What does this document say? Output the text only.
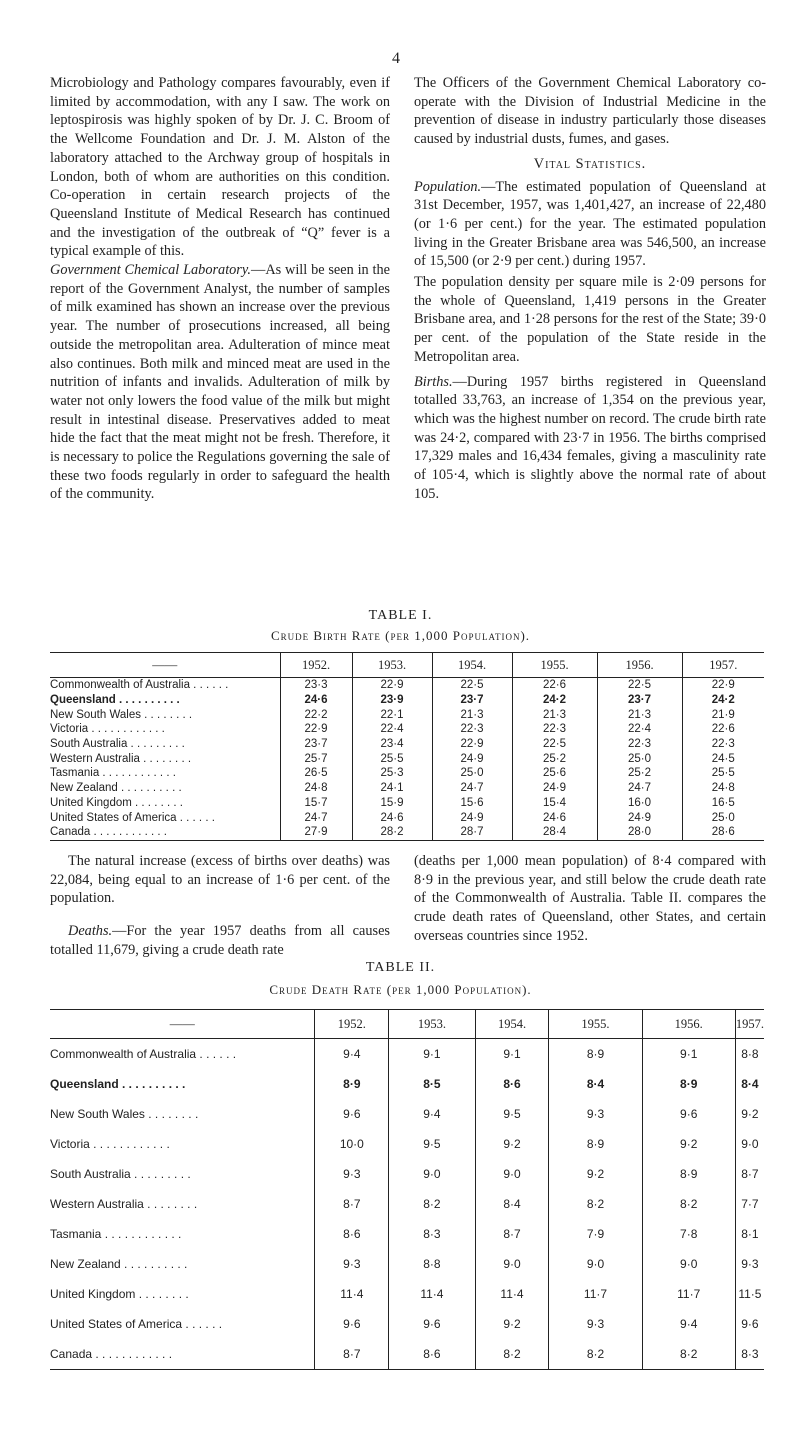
4

Microbiology and Pathology compares favourably, even if limited by accommodation, with any I saw. The work on leptospirosis was highly spoken of by Dr. J. C. Broom of the Wellcome Foundation and Dr. J. M. Alston of the laboratory attached to the Archway group of hospitals in London, both of whom are authorities on this condition. Co-operation in certain research projects of the Queensland Institute of Medical Research has continued and the investigation of the outbreak of “Q” fever is a typical example of this.

Government Chemical Laboratory.—As will be seen in the report of the Government Analyst, the number of samples of milk examined has shown an increase over the previous year. The number of prosecutions increased, all being outside the metropolitan area. Adulteration of mince meat also continues. Both milk and minced meat are used in the nutrition of infants and invalids. Adulteration of milk by water not only lowers the food value of the milk but might result in intestinal disease. Preservatives added to meat hide the fact that the meat might not be fresh. Therefore, it is necessary to police the Regulations governing the sale of these two foods regularly in order to safeguard the health of the community.

The Officers of the Government Chemical Laboratory co-operate with the Division of Industrial Medicine in the prevention of disease in industry particularly those diseases caused by industrial dusts, fumes, and gases.

Vital Statistics.

Population.—The estimated population of Queensland at 31st December, 1957, was 1,401,427, an increase of 22,480 (or 1·6 per cent.) for the year. The estimated population living in the Greater Brisbane area was 546,500, an increase of 15,500 (or 2·9 per cent.) during 1957.

The population density per square mile is 2·09 persons for the whole of Queensland, 1,419 persons in the Greater Brisbane area, and 1·28 persons for the rest of the State; 39·0 per cent. of the population of the State reside in the Metropolitan area.

Births.—During 1957 births registered in Queensland totalled 33,763, an increase of 1,354 on the previous year, which was the highest number on record. The crude birth rate was 24·2, compared with 23·7 in 1956. The births comprised 17,329 males and 16,434 females, giving a masculinity rate of 105·4, which is slightly above the normal rate of about 105.

TABLE I.
Crude Birth Rate (per 1,000 Population).
——	1952.	1953.	1954.	1955.	1956.	1957.
Commonwealth of Australia . . . . . .	23·3	22·9	22·5	22·6	22·5	22·9
Queensland . . . . . . . . . .	24·6	23·9	23·7	24·2	23·7	24·2
New South Wales . . . . . . . .	22·2	22·1	21·3	21·3	21·3	21·9
Victoria . . . . . . . . . . . .	22·9	22·4	22·3	22·3	22·4	22·6
South Australia . . . . . . . . .	23·7	23·4	22·9	22·5	22·3	22·3
Western Australia . . . . . . . .	25·7	25·5	24·9	25·2	25·0	24·5
Tasmania . . . . . . . . . . . .	26·5	25·3	25·0	25·6	25·2	25·5
New Zealand . . . . . . . . . .	24·8	24·1	24·7	24·9	24·7	24·8
United Kingdom . . . . . . . .	15·7	15·9	15·6	15·4	16·0	16·5
United States of America . . . . . .	24·7	24·6	24·9	24·6	24·9	25·0
Canada . . . . . . . . . . . .	27·9	28·2	28·7	28·4	28·0	28·6

The natural increase (excess of births over deaths) was 22,084, being equal to an increase of 1·6 per cent. of the population.

Deaths.—For the year 1957 deaths from all causes totalled 11,679, giving a crude death rate

(deaths per 1,000 mean population) of 8·4 compared with 8·9 in the previous year, and still below the crude death rate of the Commonwealth of Australia. Table II. compares the crude death rates of Queensland, other States, and certain overseas countries since 1952.

TABLE II.
Crude Death Rate (per 1,000 Population).
——	1952.	1953.	1954.	1955.	1956.	1957.
Commonwealth of Australia . . . . . .	9·4	9·1	9·1	8·9	9·1	8·8
Queensland . . . . . . . . . .	8·9	8·5	8·6	8·4	8·9	8·4
New South Wales . . . . . . . .	9·6	9·4	9·5	9·3	9·6	9·2
Victoria . . . . . . . . . . . .	10·0	9·5	9·2	8·9	9·2	9·0
South Australia . . . . . . . . .	9·3	9·0	9·0	9·2	8·9	8·7
Western Australia . . . . . . . .	8·7	8·2	8·4	8·2	8·2	7·7
Tasmania . . . . . . . . . . . .	8·6	8·3	8·7	7·9	7·8	8·1
New Zealand . . . . . . . . . .	9·3	8·8	9·0	9·0	9·0	9·3
United Kingdom . . . . . . . .	11·4	11·4	11·4	11·7	11·7	11·5
United States of America . . . . . .	9·6	9·6	9·2	9·3	9·4	9·6
Canada . . . . . . . . . . . .	8·7	8·6	8·2	8·2	8·2	8·3
